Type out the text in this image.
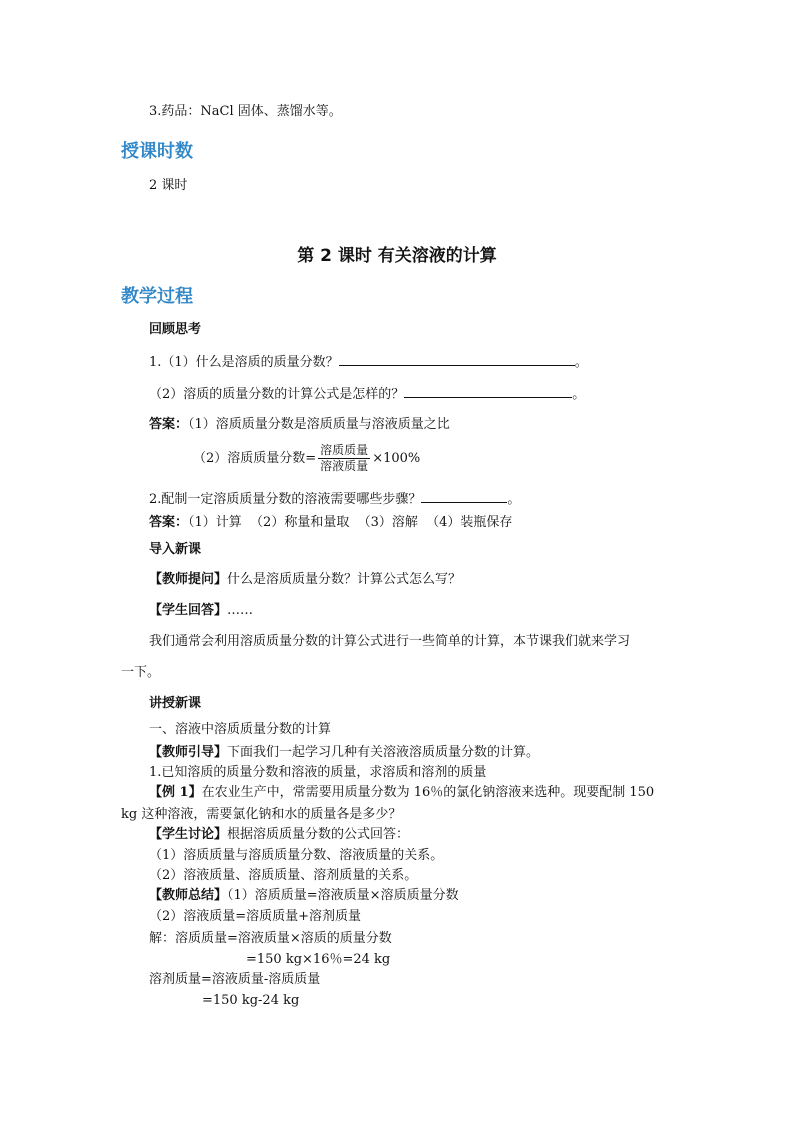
3.药品：NaCl 固体、蒸馏水等。
授课时数
2 课时
第 2 课时 有关溶液的计算
教学过程
回顾思考
1.（1）什么是溶质的质量分数？	。
（2）溶质的质量分数的计算公式是怎样的？	。
答案：（1）溶质质量分数是溶质质量与溶液质量之比
（2）溶质质量分数= $\frac{\text{溶质质量}}{\text{溶液质量}} \times 100\%$
2.配制一定溶质质量分数的溶液需要哪些步骤？	。
答案：（1）计算  （2）称量和量取  （3）溶解  （4）装瓶保存
导入新课
【教师提问】什么是溶质质量分数？计算公式怎么写？
【学生回答】……
我们通常会利用溶质质量分数的计算公式进行一些简单的计算，本节课我们就来学习
一下。
讲授新课
一、溶液中溶质质量分数的计算
【教师引导】下面我们一起学习几种有关溶液溶质质量分数的计算。
1.已知溶质的质量分数和溶液的质量，求溶质和溶剂的质量
【例 1】在农业生产中，常需要用质量分数为 16％的氯化钠溶液来选种。现要配制 150
kg 这种溶液，需要氯化钠和水的质量各是多少？
【学生讨论】根据溶质质量分数的公式回答：
（1）溶质质量与溶质质量分数、溶液质量的关系。
（2）溶液质量、溶质质量、溶剂质量的关系。
【教师总结】（1）溶质质量=溶液质量×溶质质量分数
（2）溶液质量=溶质质量+溶剂质量
解：溶质质量=溶液质量×溶质的质量分数
=150 kg×16％=24 kg
溶剂质量=溶液质量-溶质质量
=150 kg-24 kg
